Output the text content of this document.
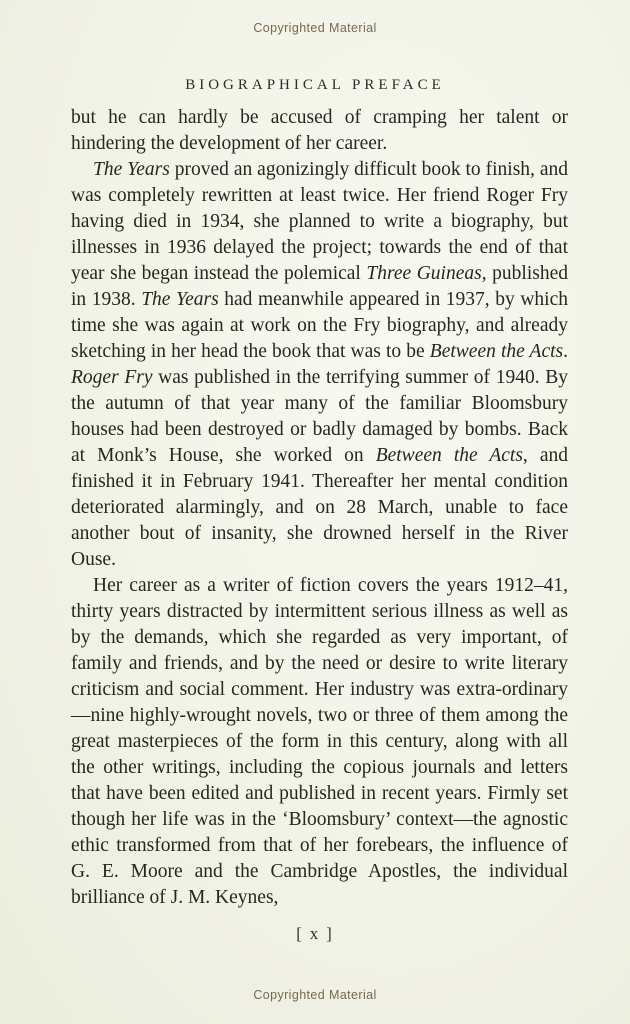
Copyrighted Material
BIOGRAPHICAL PREFACE

but he can hardly be accused of cramping her talent or hindering the development of her career.

The Years proved an agonizingly difficult book to finish, and was completely rewritten at least twice. Her friend Roger Fry having died in 1934, she planned to write a biography, but illnesses in 1936 delayed the project; towards the end of that year she began instead the polemical Three Guineas, published in 1938. The Years had meanwhile appeared in 1937, by which time she was again at work on the Fry biography, and already sketching in her head the book that was to be Between the Acts. Roger Fry was published in the terrifying summer of 1940. By the autumn of that year many of the familiar Bloomsbury houses had been destroyed or badly damaged by bombs. Back at Monk’s House, she worked on Between the Acts, and finished it in February 1941. Thereafter her mental condition deteriorated alarmingly, and on 28 March, unable to face another bout of insanity, she drowned herself in the River Ouse.

Her career as a writer of fiction covers the years 1912–41, thirty years distracted by intermittent serious illness as well as by the demands, which she regarded as very important, of family and friends, and by the need or desire to write literary criticism and social comment. Her industry was extra-ordinary—nine highly-wrought novels, two or three of them among the great masterpieces of the form in this century, along with all the other writings, including the copious journals and letters that have been edited and published in recent years. Firmly set though her life was in the ‘Bloomsbury’ context—the agnostic ethic transformed from that of her forebears, the influence of G. E. Moore and the Cambridge Apostles, the individual brilliance of J. M. Keynes,

[ x ]
Copyrighted Material
